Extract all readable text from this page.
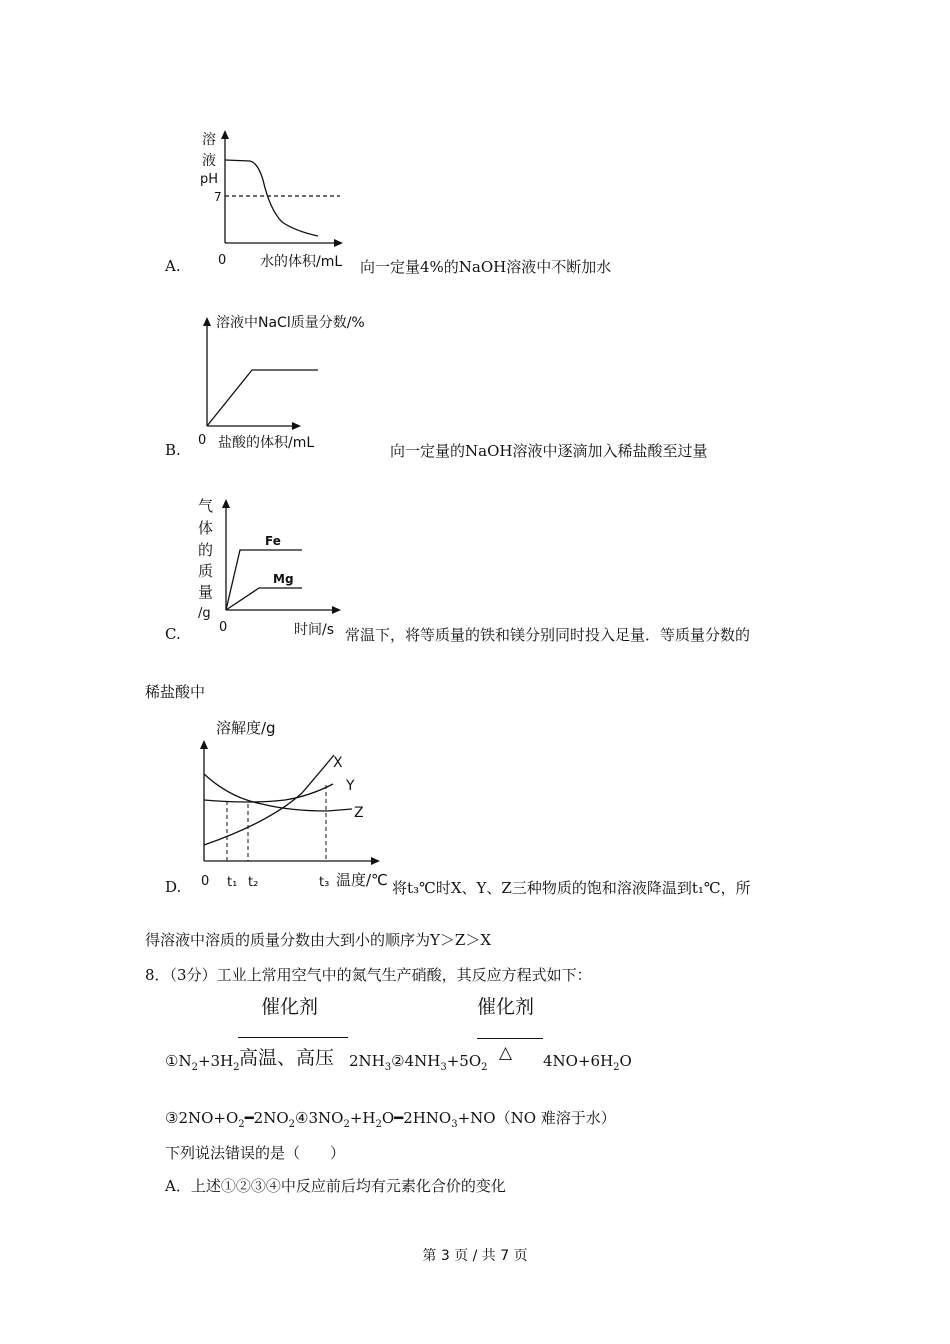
溶
液
pH
7
0 水的体积/mL
A.	向一定量4%的NaOH溶液中不断加水
溶液中NaCl质量分数/%
0 盐酸的体积/mL
B.	向一定量的NaOH溶液中逐滴加入稀盐酸至过量
气
体
的
质
量
/g
Fe
Mg
0	时间/s
C.	常温下，将等质量的铁和镁分别同时投入足量．等质量分数的
稀盐酸中
溶解度/g
X
Y
Z
0 t₁ t₂	t₃ 温度/℃
D.	将t₃℃时X、Y、Z三种物质的饱和溶液降温到t₁℃，所
得溶液中溶质的质量分数由大到小的顺序为Y＞Z＞X
8．（3分）工业上常用空气中的氮气生产硝酸，其反应方程式如下：
催化剂
高温、高压
催化剂
△
$①N_2+3H_2$	$2NH_3②4NH_3+5O_2$	$4NO+6H_2O$
$③2NO+O_2━2NO_2④3NO_2+H_2O━2HNO_3+NO(NO$ 难溶于水）
下列说法错误的是（　　）
A．上述①②③④中反应前后均有元素化合价的变化
第 3 页 / 共 7 页
